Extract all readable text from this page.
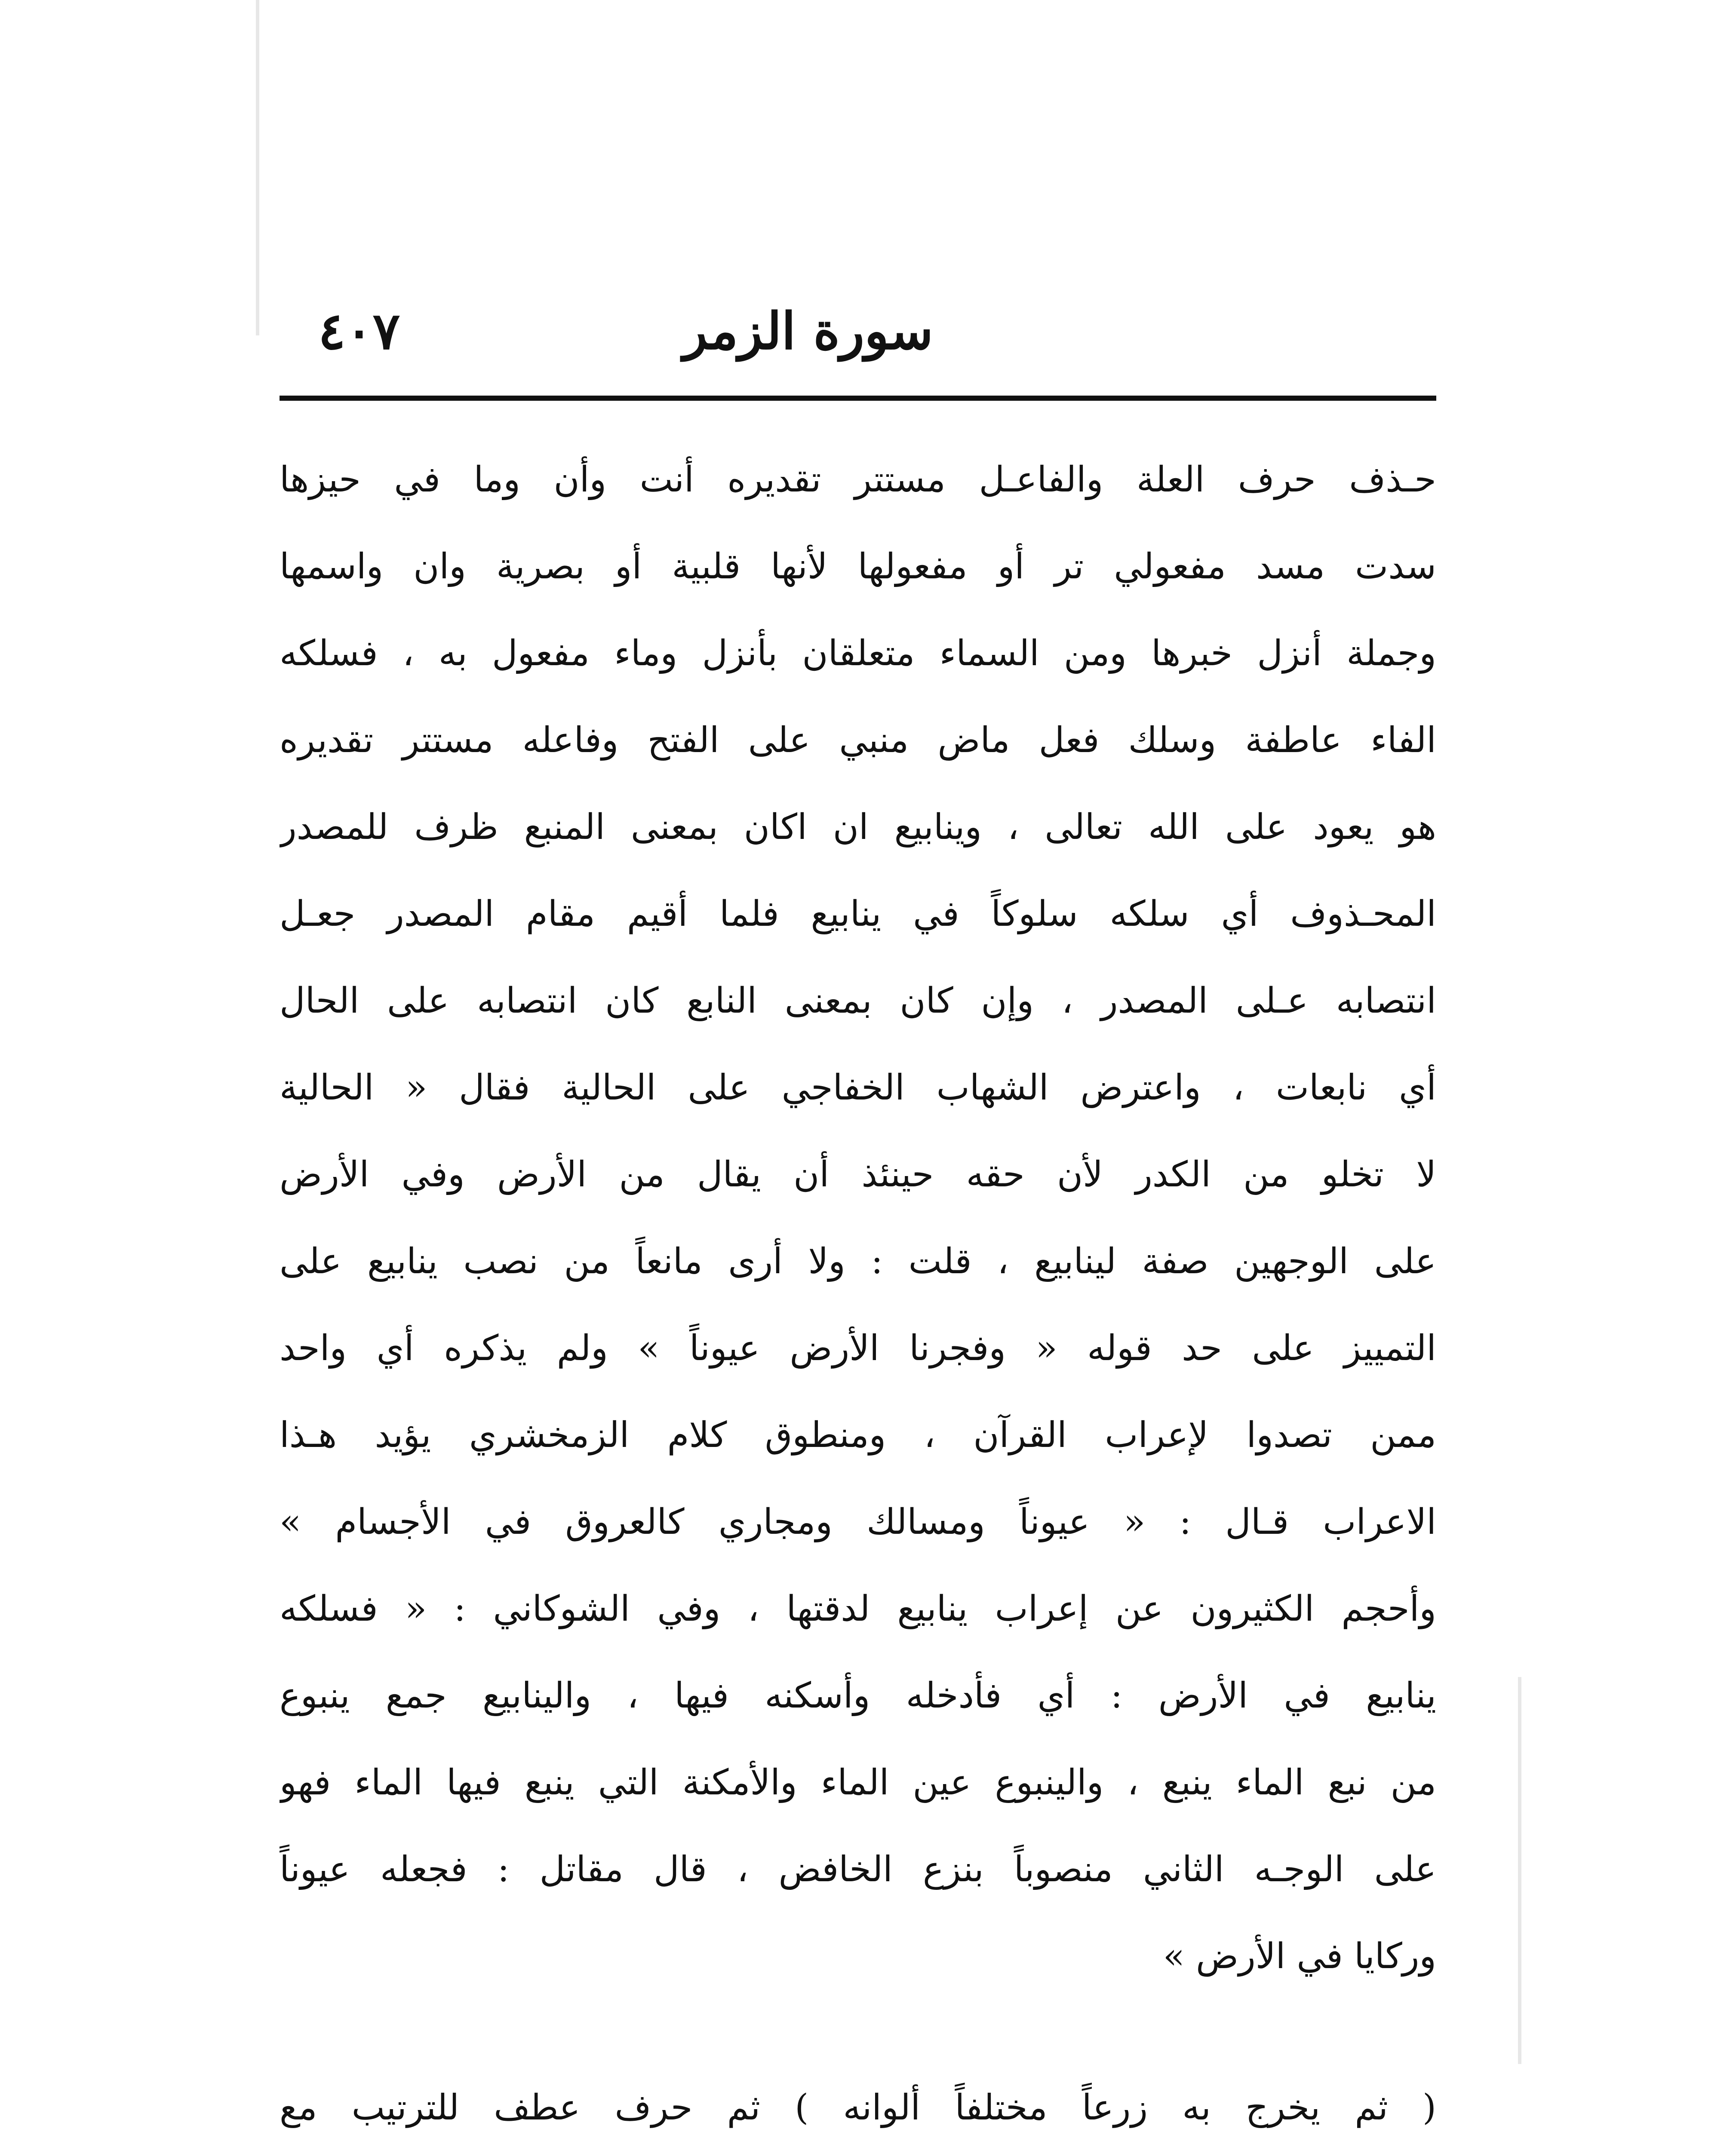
سورة الزمر
٤٠٧
حـذف حرف العلة والفاعـل مستتر تقديره أنت وأن وما في حيزها
سدت مسد مفعولي تر أو مفعولها لأنها قلبية أو بصرية وان واسمها
وجملة أنزل خبرها ومن السماء متعلقان بأنزل وماء مفعول به ، فسلكه
الفاء عاطفة وسلك فعل ماض منبي على الفتح وفاعله مستتر تقديره
هو يعود على الله تعالى ، وينابيع ان اكان بمعنى المنبع ظرف للمصدر
المحـذوف أي سلكه سلوكاً في ينابيع فلما أقيم مقام المصدر جعـل
انتصابه عـلى المصدر ، وإن كان بمعنى النابع كان انتصابه على الحال
أي نابعات ، واعترض الشهاب الخفاجي على الحالية فقال « الحالية
لا تخلو من الكدر لأن حقه حينئذ أن يقال من الأرض وفي الأرض
على الوجهين صفة لينابيع ، قلت : ولا أرى مانعاً من نصب ينابيع على
التمييز على حد قوله « وفجرنا الأرض عيوناً » ولم يذكره أي واحد
ممن تصدوا لإعراب القرآن ، ومنطوق كلام الزمخشري يؤيد هـذا
الاعراب قـال : « عيوناً ومسالك ومجاري كالعروق في الأجسام »
وأحجم الكثيرون عن إعراب ينابيع لدقتها ، وفي الشوكاني : « فسلكه
ينابيع في الأرض : أي فأدخله وأسكنه فيها ، والينابيع جمع ينبوع
من نبع الماء ينبع ، والينبوع عين الماء والأمكنة التي ينبع فيها الماء فهو
على الوجـه الثاني منصوباً بنزع الخافض ، قال مقاتل : فجعله عيوناً
وركايا في الأرض »
( ثم يخرج به زرعاً مختلفاً ألوانه ) ثم حرف عطف للترتيب مع
